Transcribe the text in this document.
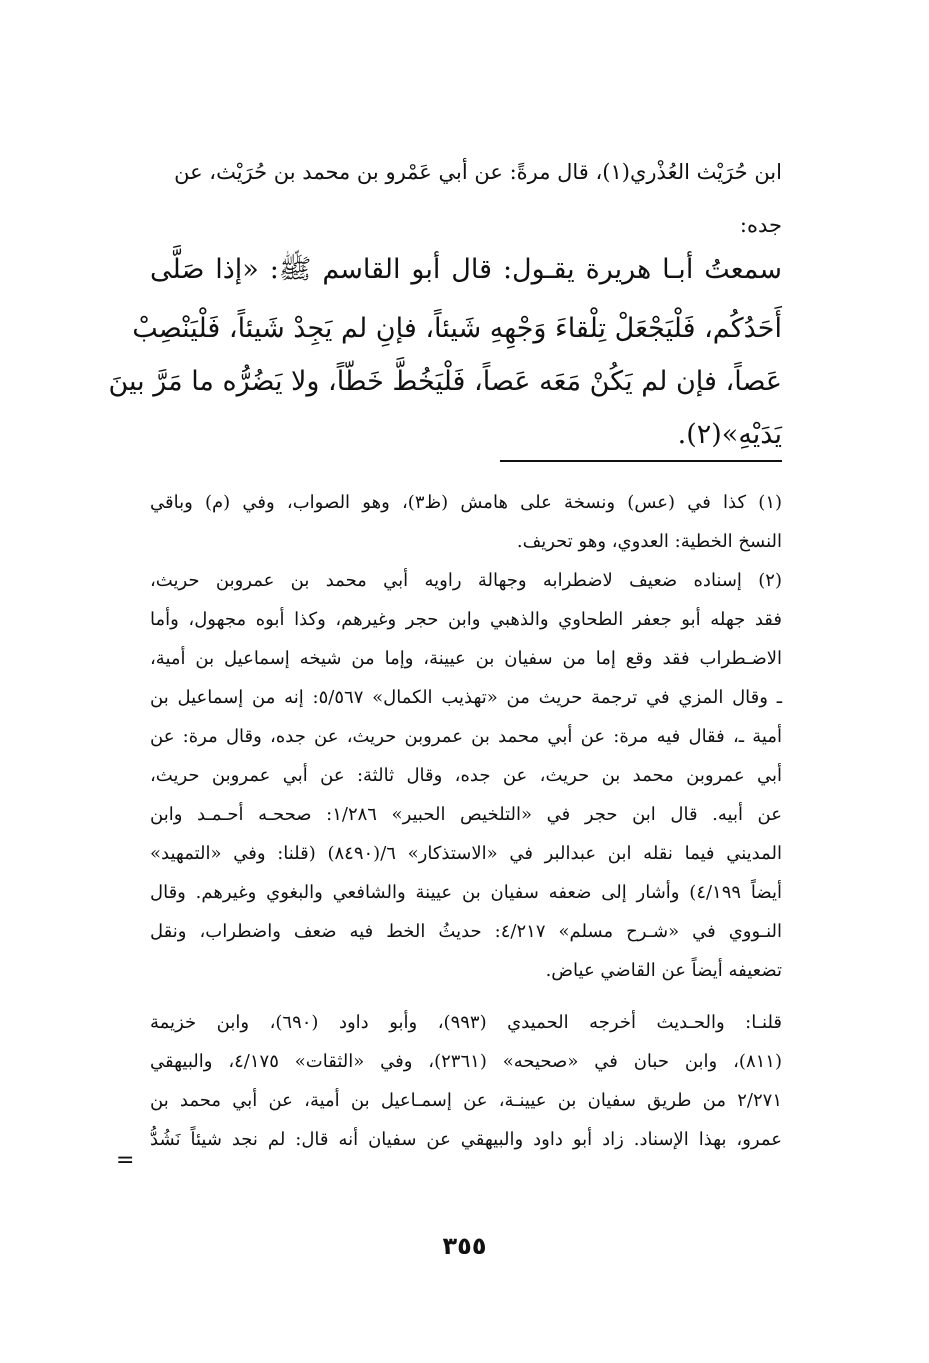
ابن حُرَيْث العُذْري(١)، قال مرةً: عن أبي عَمْرو بن محمد بن حُرَيْث، عن
جده:
سمعتُ أبـا هريرة يقـول: قال أبو القاسم ﷺ: «إذا صَلَّى
أَحَدُكُم، فَلْيَجْعَلْ تِلْقاءَ وَجْهِهِ شَيئاً، فإنِ لم يَجِدْ شَيئاً، فَلْيَنْصِبْ
عَصاً، فإن لم يَكُنْ مَعَه عَصاً، فَلْيَخُطَّ خَطّاً، ولا يَضُرُّه ما مَرَّ بينَ
يَدَيْهِ»(٢).
(١) كذا في (عس) ونسخة على هامش (ظ٣)، وهو الصواب، وفي (م) وباقي
النسخ الخطية: العدوي، وهو تحريف.
(٢) إسناده ضعيف لاضطرابه وجهالة راويه أبي محمد بن عمروبن حريث،
فقد جهله أبو جعفر الطحاوي والذهبي وابن حجر وغيرهم، وكذا أبوه مجهول، وأما
الاضـطراب فقد وقع إما من سفيان بن عيينة، وإما من شيخه إسماعيل بن أمية،
ـ وقال المزي في ترجمة حريث من «تهذيب الكمال» ٥/٥٦٧: إنه من إسماعيل بن
أمية ـ، فقال فيه مرة: عن أبي محمد بن عمروبن حريث، عن جده، وقال مرة: عن
أبي عمروبن محمد بن حريث، عن جده، وقال ثالثة: عن أبي عمروبن حريث،
عن أبيه. قال ابن حجر في «التلخيص الحبير» ١/٢٨٦: صححـه أحـمـد وابن
المديني فيما نقله ابن عبدالبر في «الاستذكار» ٦/(٨٤٩٠) (قلنا: وفي «التمهيد»
أيضاً ٤/١٩٩) وأشار إلى ضعفه سفيان بن عيينة والشافعي والبغوي وغيرهم. وقال
النـووي في «شـرح مسلم» ٤/٢١٧: حديثُ الخط فيه ضعف واضطراب، ونقل
تضعيفه أيضاً عن القاضي عياض.
قلنـا: والحـديث أخرجه الحميدي (٩٩٣)، وأبو داود (٦٩٠)، وابن خزيمة
(٨١١)، وابن حبان في «صحيحه» (٢٣٦١)، وفي «الثقات» ٤/١٧٥، والبيهقي
٢/٢٧١ من طريق سفيان بن عيينـة، عن إسمـاعيل بن أمية، عن أبي محمد بن
عمرو، بهذا الإسناد. زاد أبو داود والبيهقي عن سفيان أنه قال: لم نجد شيئاً نَشُدُّ
=
٣٥٥
